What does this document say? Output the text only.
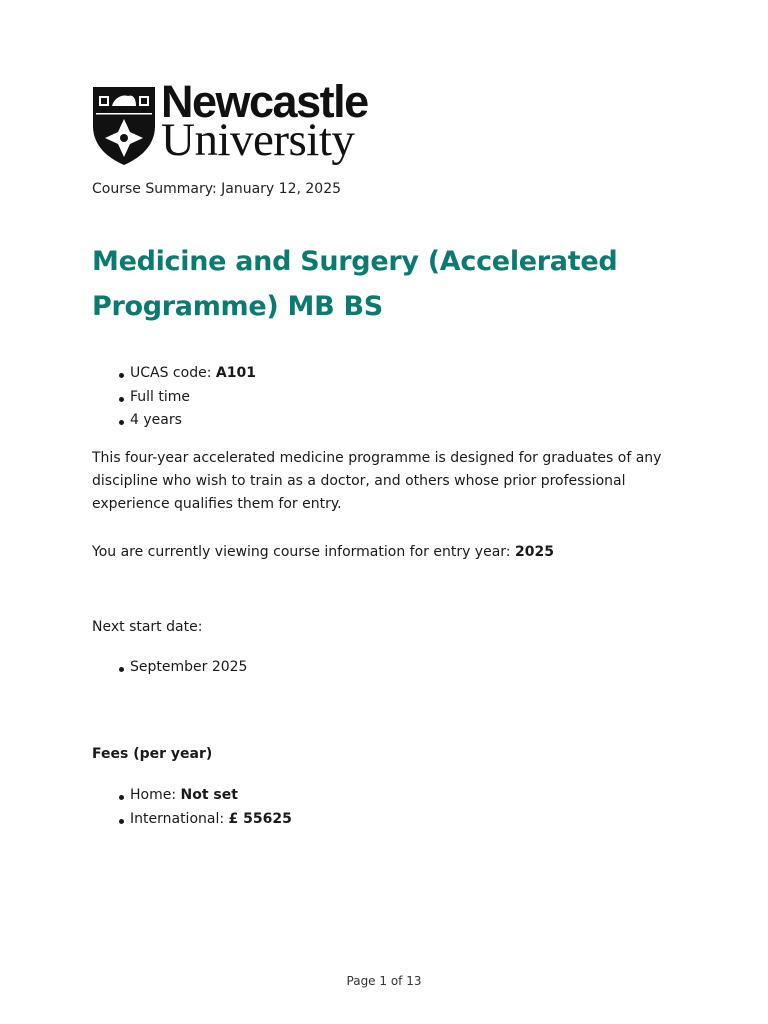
Newcastle
University
Course Summary: January 12, 2025
Medicine and Surgery (Accelerated Programme) MB BS
UCAS code: A101
Full time
4 years

This four-year accelerated medicine programme is designed for graduates of any discipline who wish to train as a doctor, and others whose prior professional experience qualifies them for entry.

You are currently viewing course information for entry year: 2025

Next start date:

September 2025

Fees (per year)

Home: Not set
International: £ 55625
Page 1 of 13
